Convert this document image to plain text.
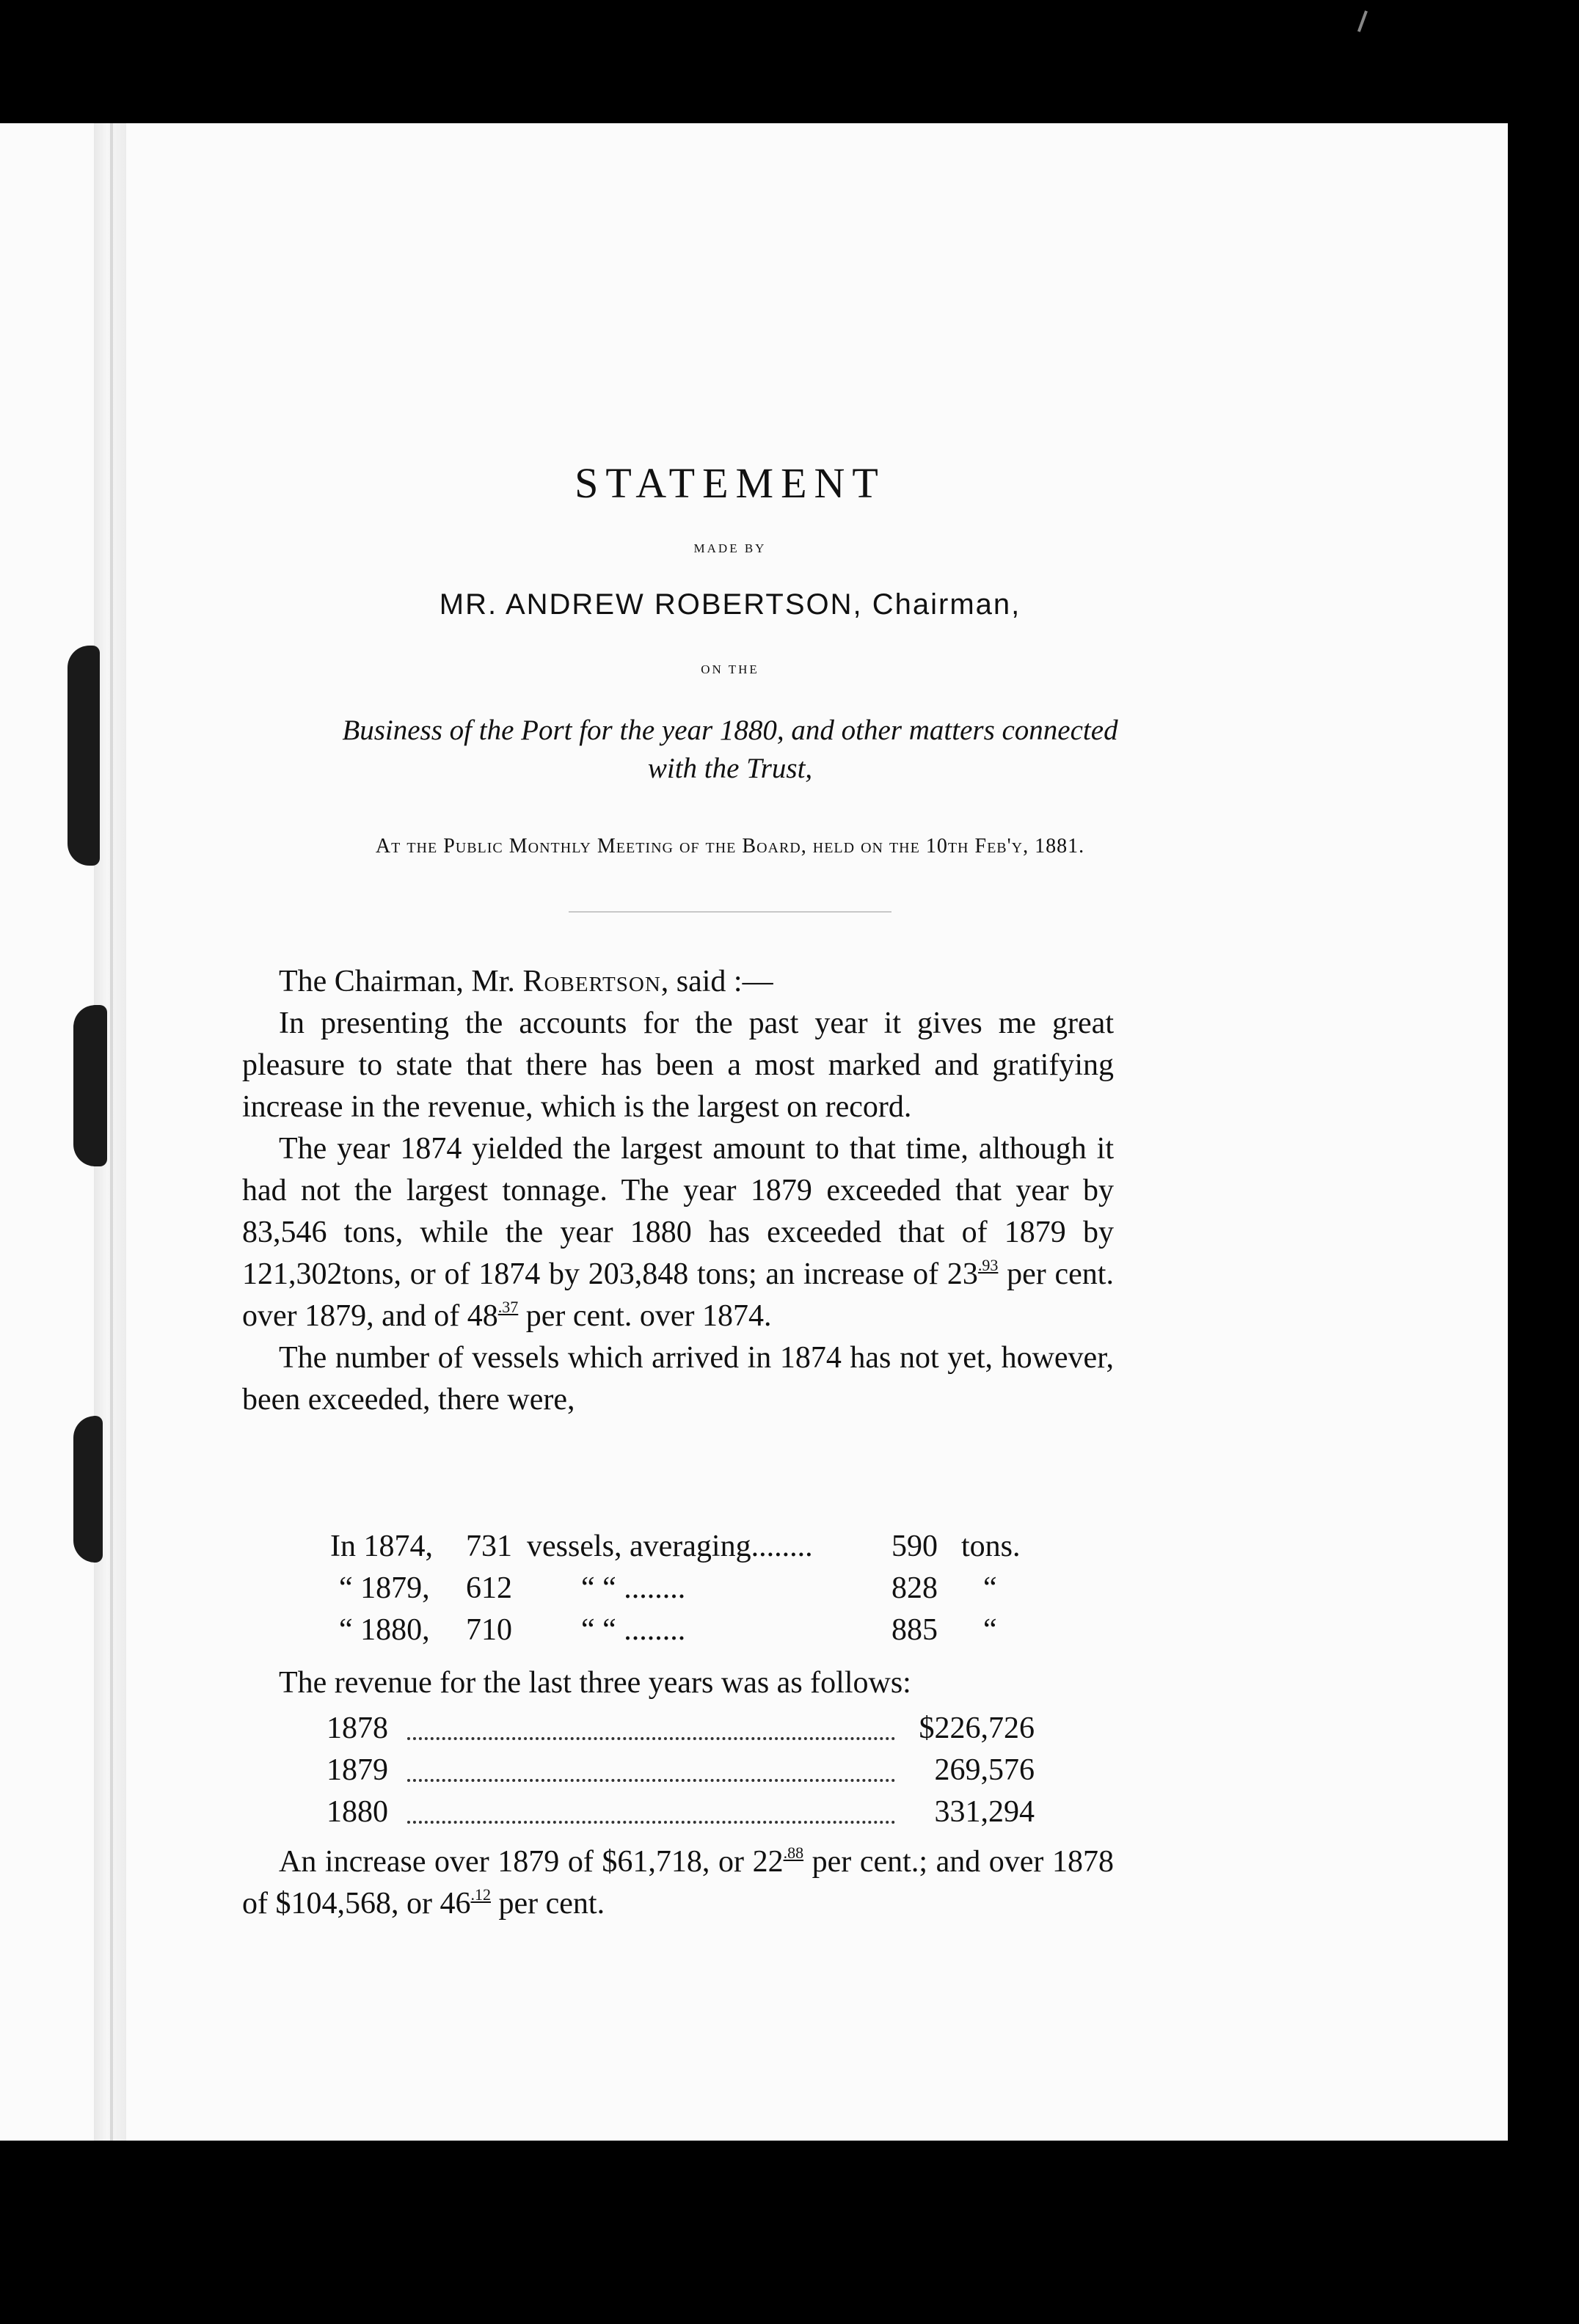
STATEMENT
MADE BY
MR. ANDREW ROBERTSON, Chairman,
ON THE
Business of the Port for the year 1880, and other matters connected
with the Trust,
At the Public Monthly Meeting of the Board, held on the 10th Feb'y, 1881.

The Chairman, Mr. Robertson, said :—

In presenting the accounts for the past year it gives me great pleasure to state that there has been a most marked and gratifying increase in the revenue, which is the largest on record.

The year 1874 yielded the largest amount to that time, although it had not the largest tonnage. The year 1879 exceeded that year by 83,546 tons, while the year 1880 has exceeded that of 1879 by 121,302tons, or of 1874 by 203,848 tons; an increase of $23^{.93}$ per cent. over 1879, and of $48^{.37}$ per cent. over 1874.

The number of vessels which arrived in 1874 has not yet, however, been exceeded, there were,

In 1874, 731 vessels, averaging........	590 tons.
“ 1879, 612 “ “ ........	828 “
“ 1880, 710 “ “ ........	885 “

The revenue for the last three years was as follows:

1878	$226,726
1879	269,576
1880	331,294

An increase over 1879 of $61,718, or $22^{.88}$ per cent.; and over 1878 of $104,568, or $46^{.12}$ per cent.
